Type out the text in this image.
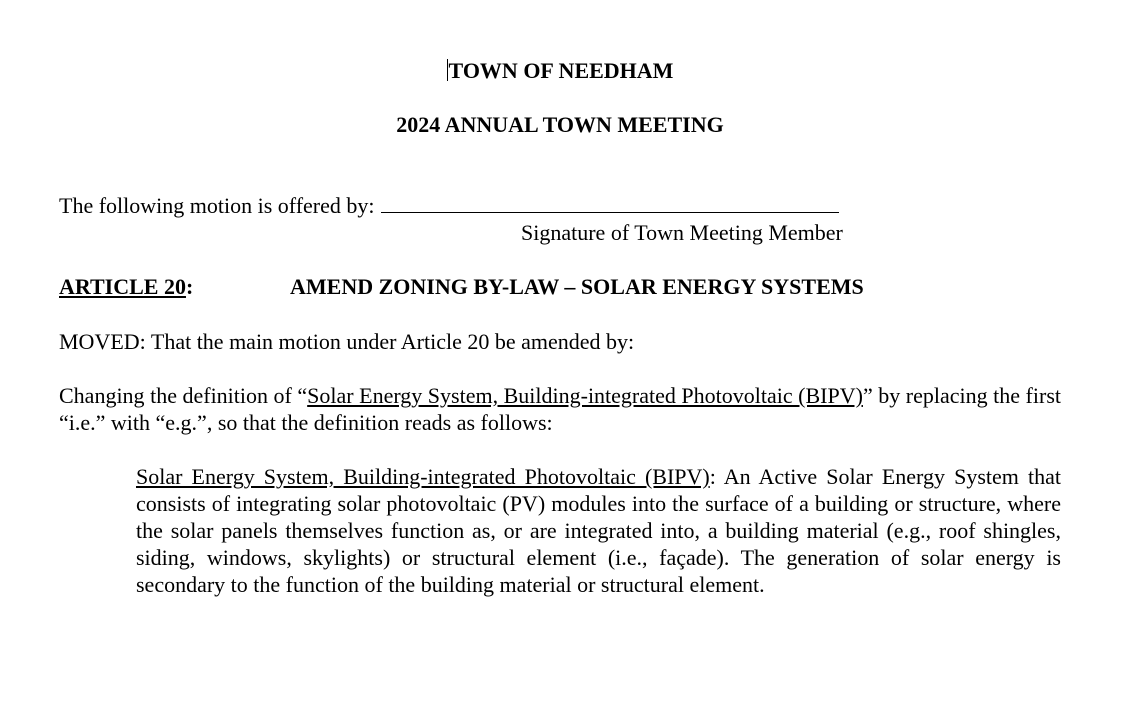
TOWN OF NEEDHAM
2024 ANNUAL TOWN MEETING
The following motion is offered by:
Signature of Town Meeting Member
ARTICLE 20:	AMEND ZONING BY-LAW – SOLAR ENERGY SYSTEMS
MOVED: That the main motion under Article 20 be amended by:
Changing the definition of “Solar Energy System, Building-integrated Photovoltaic (BIPV)” by replacing the first “i.e.” with “e.g.”, so that the definition reads as follows:
Solar Energy System, Building-integrated Photovoltaic (BIPV): An Active Solar Energy System that consists of integrating solar photovoltaic (PV) modules into the surface of a building or structure, where the solar panels themselves function as, or are integrated into, a building material (e.g., roof shingles, siding, windows, skylights) or structural element (i.e., façade). The generation of solar energy is secondary to the function of the building material or structural element.
